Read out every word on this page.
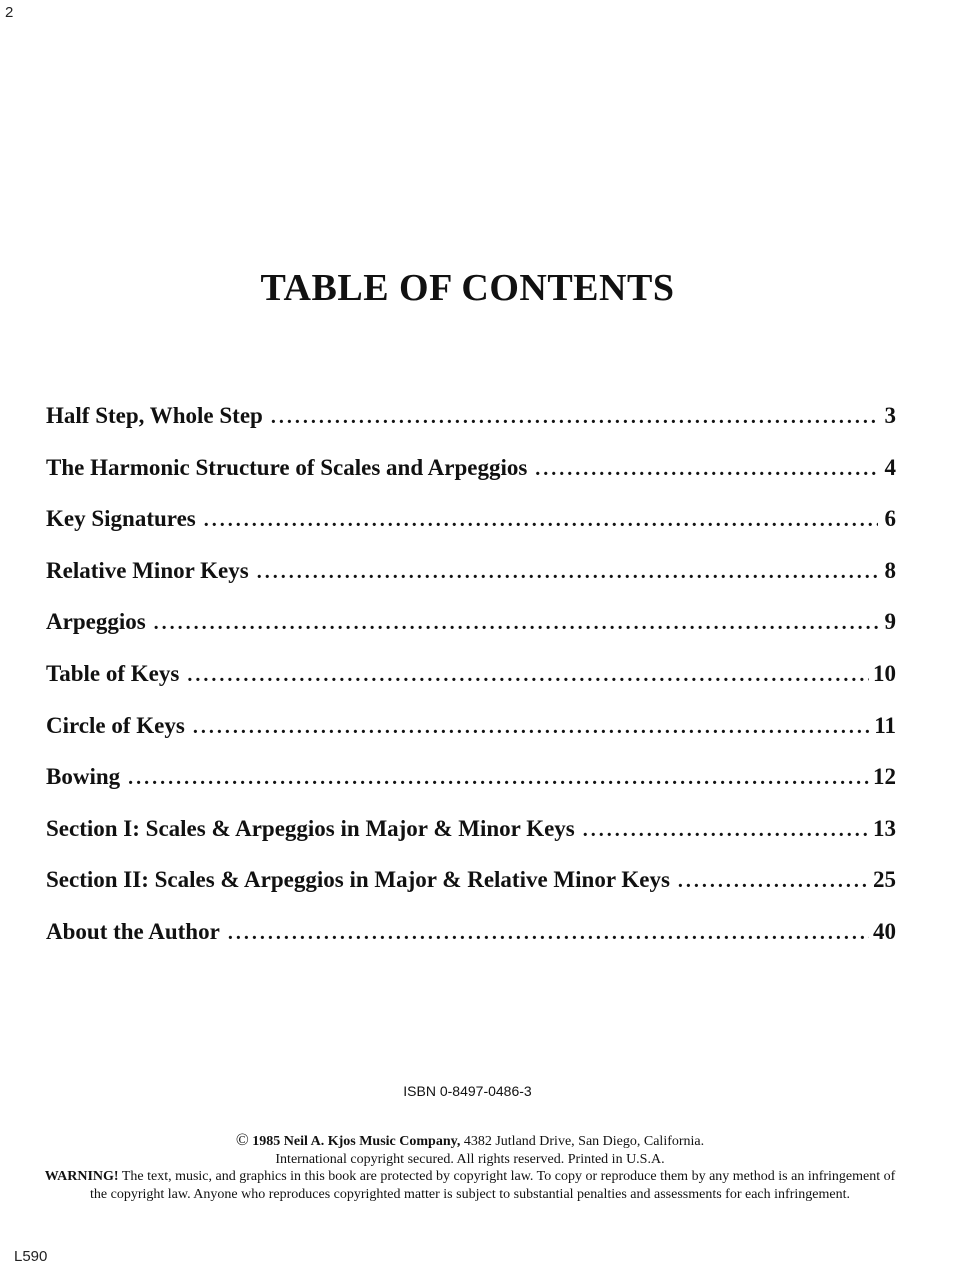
2
TABLE OF CONTENTS
Half Step, Whole Step . . .	3
The Harmonic Structure of Scales and Arpeggios . . .	4
Key Signatures . . .	6
Relative Minor Keys . . .	8
Arpeggios . . .	9
Table of Keys . . .	10
Circle of Keys . . .	11
Bowing . . .	12
Section I: Scales & Arpeggios in Major & Minor Keys . . .	13
Section II: Scales & Arpeggios in Major & Relative Minor Keys . . .	25
About the Author . . .	40
ISBN 0-8497-0486-3
© 1985 Neil A. Kjos Music Company, 4382 Jutland Drive, San Diego, California.
International copyright secured. All rights reserved. Printed in U.S.A.
WARNING! The text, music, and graphics in this book are protected by copyright law. To copy or reproduce them by any method is an infringement of the copyright law. Anyone who reproduces copyrighted matter is subject to substantial penalties and assessments for each infringement.
L590
